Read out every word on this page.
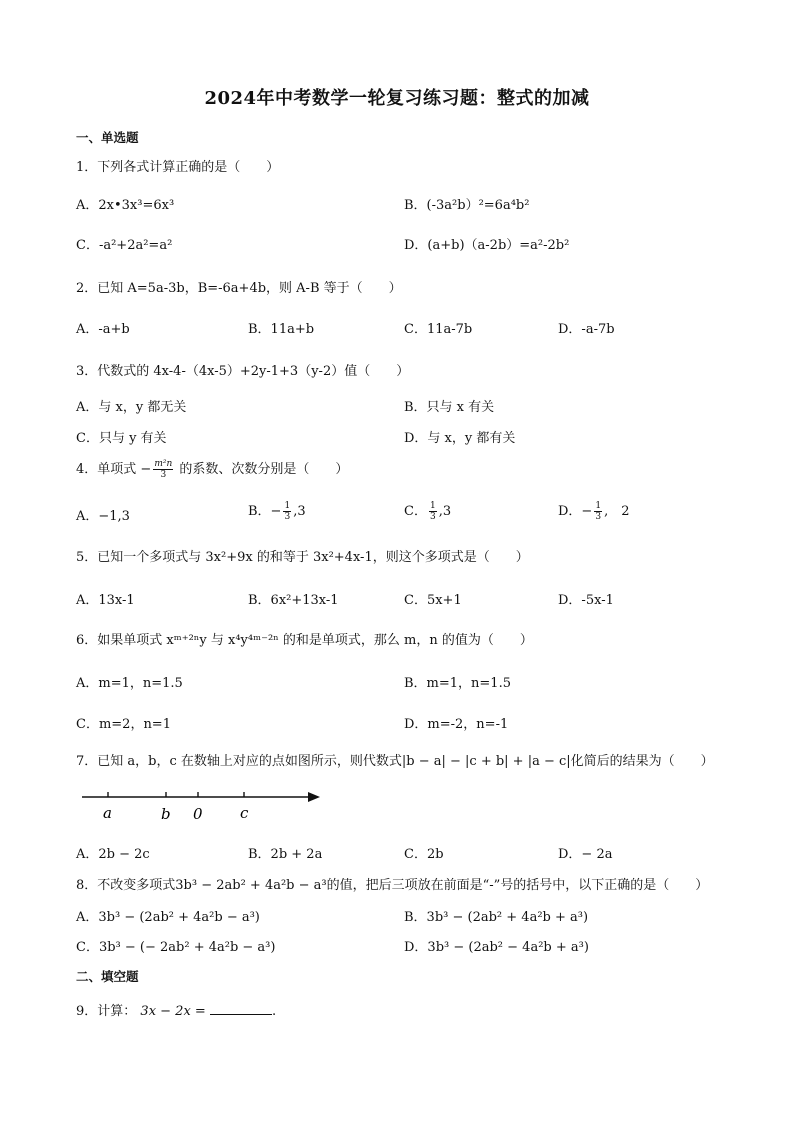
2024年中考数学一轮复习练习题：整式的加减
一、单选题
1．下列各式计算正确的是（　　）
A．2x•3x³=6x³	B．(-3a²b）²=6a⁴b²
C．-a²+2a²=a²	D．(a+b)（a-2b）=a²-2b²
2．已知 A=5a-3b，B=-6a+4b，则 A-B 等于（　　）
A．-a+b	B．11a+b	C．11a-7b	D．-a-7b
3．代数式的 4x-4-（4x-5）+2y-1+3（y-2）值（　　）
A．与 x，y 都无关	B．只与 x 有关
C．只与 y 有关	D．与 x，y 都有关
4．单项式 − $\frac{\text{m²n}}{3}$ 的系数、次数分别是（　　）
A．−1,3	B．− $\frac{1}{3} ,3$	C． $\frac{1}{3} ,3$	D．− $\frac{1}{3}$ ,　2
5．已知一个多项式与 3x²+9x 的和等于 3x²+4x-1，则这个多项式是（　　）
A．13x-1	B．6x²+13x-1	C．5x+1	D．-5x-1
6．如果单项式 xᵐ⁺²ⁿy 与 x⁴y⁴ᵐ⁻²ⁿ 的和是单项式，那么 m，n 的值为（　　）
A．m=1，n=1.5	B．m=1，n=1.5
C．m=2，n=1	D．m=-2，n=-1
7．已知 a，b，c 在数轴上对应的点如图所示，则代数式|b − a| − |c + b| + |a − c|化简后的结果为（　　）
a	b 0 c
A．2b − 2c	B．2b + 2a	C．2b	D．− 2a
8．不改变多项式3b³ − 2ab² + 4a²b − a³的值，把后三项放在前面是“-”号的括号中，以下正确的是（　　）
A．3b³ − (2ab² + 4a²b − a³)	B．3b³ − (2ab² + 4a²b + a³)
C．3b³ − (− 2ab² + 4a²b − a³)	D．3b³ − (2ab² − 4a²b + a³)
二、填空题
9．计算： 3x − 2x =	.
